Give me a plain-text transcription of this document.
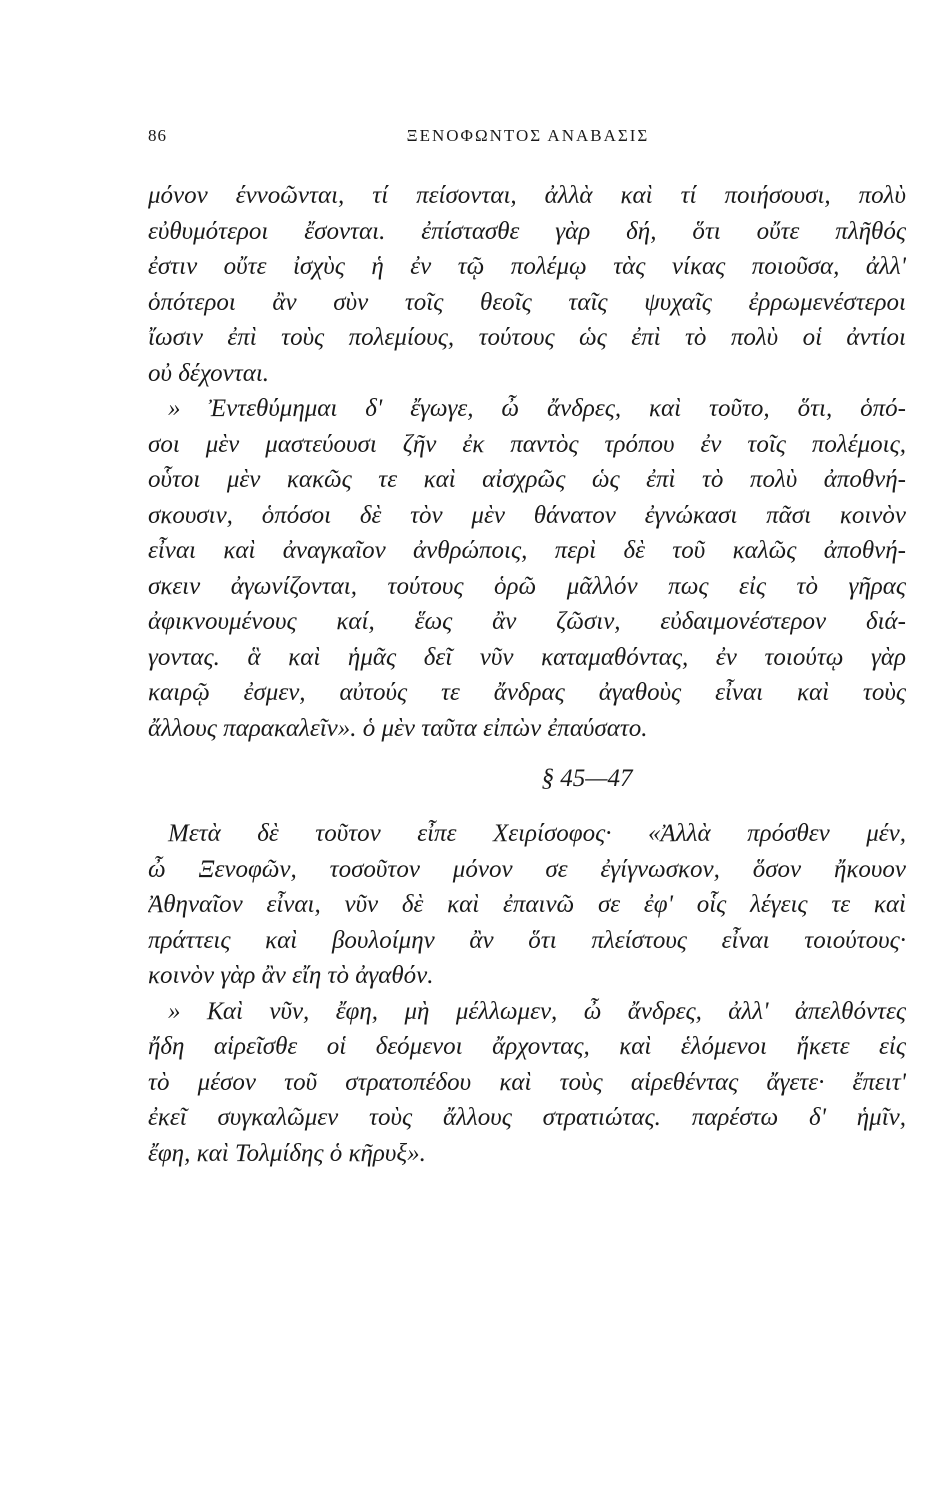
86	ΞΕΝΟΦΩΝΤΟΣ ΑΝΑΒΑΣΙΣ
μόνον έννοῶνται, τί πείσονται, ἀλλὰ καὶ τί ποιήσουσι, πολὺ
εὐθυμότεροι ἔσονται. ἐπίστασθε γὰρ δή, ὅτι οὔτε πλῆθός
ἐστιν οὔτε ἰσχὺς ἡ ἐν τῷ πολέμῳ τὰς νίκας ποιοῦσα, ἀλλ'
ὁπότεροι ἂν σὺν τοῖς θεοῖς ταῖς ψυχαῖς ἐρρωμενέστεροι
ἴωσιν ἐπὶ τοὺς πολεμίους, τούτους ὡς ἐπὶ τὸ πολὺ οἱ ἀντίοι
οὐ δέχονται.
» Ἐντεθύμημαι δ' ἔγωγε, ὦ ἄνδρες, καὶ τοῦτο, ὅτι, ὁπό-
σοι μὲν μαστεύουσι ζῆν ἐκ παντὸς τρόπου ἐν τοῖς πολέμοις,
οὗτοι μὲν κακῶς τε καὶ αἰσχρῶς ὡς ἐπὶ τὸ πολὺ ἀποθνή-
σκουσιν, ὁπόσοι δὲ τὸν μὲν θάνατον ἐγνώκασι πᾶσι κοινὸν
εἶναι καὶ ἀναγκαῖον ἀνθρώποις, περὶ δὲ τοῦ καλῶς ἀποθνή-
σκειν ἀγωνίζονται, τούτους ὁρῶ μᾶλλόν πως εἰς τὸ γῆρας
ἀφικνουμένους καί, ἕως ἂν ζῶσιν, εὐδαιμονέστερον διά-
γοντας. ἃ καὶ ἡμᾶς δεῖ νῦν καταμαθόντας, ἐν τοιούτῳ γὰρ
καιρῷ ἐσμεν, αὐτούς τε ἄνδρας ἀγαθοὺς εἶναι καὶ τοὺς
ἄλλους παρακαλεῖν». ὁ μὲν ταῦτα εἰπὼν ἐπαύσατο.
§ 45—47
Μετὰ δὲ τοῦτον εἶπε Χειρίσοφος· «Ἀλλὰ πρόσθεν μέν,
ὦ Ξενοφῶν, τοσοῦτον μόνον σε ἐγίγνωσκον, ὅσον ἤκουον
Ἀθηναῖον εἶναι, νῦν δὲ καὶ ἐπαινῶ σε ἐφ' οἷς λέγεις τε καὶ
πράττεις καὶ βουλοίμην ἂν ὅτι πλείστους εἶναι τοιούτους·
κοινὸν γὰρ ἂν εἴη τὸ ἀγαθόν.
» Καὶ νῦν, ἔφη, μὴ μέλλωμεν, ὦ ἄνδρες, ἀλλ' ἀπελθόντες
ἤδη αἱρεῖσθε οἱ δεόμενοι ἄρχοντας, καὶ ἑλόμενοι ἥκετε εἰς
τὸ μέσον τοῦ στρατοπέδου καὶ τοὺς αἱρεθέντας ἄγετε· ἔπειτ'
ἐκεῖ συγκαλῶμεν τοὺς ἄλλους στρατιώτας. παρέστω δ' ἡμῖν,
ἔφη, καὶ Τολμίδης ὁ κῆρυξ».
